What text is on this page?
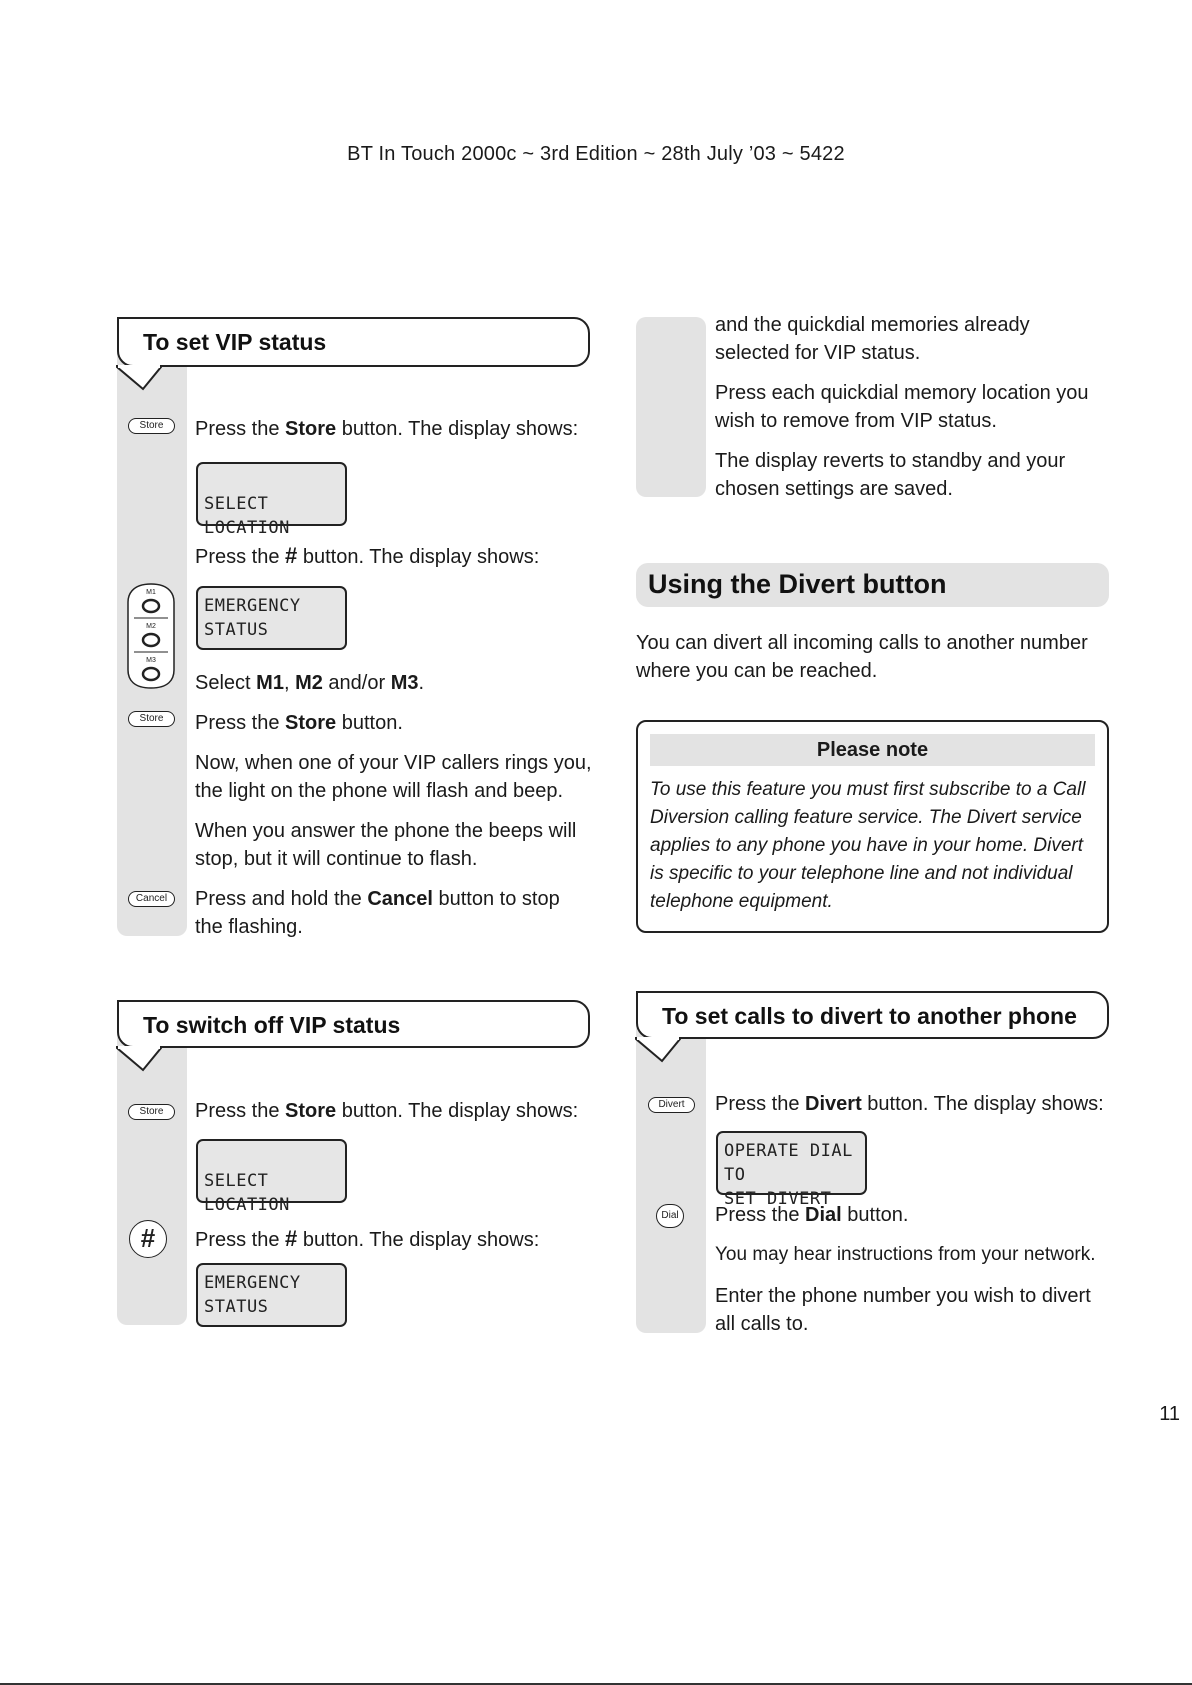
BT In Touch 2000c ~ 3rd Edition ~ 28th July ’03 ~ 5422
To set VIP status
Store	Press the Store button. The display shows:
SELECT LOCATION
Press the # button. The display shows:
EMERGENCY
STATUS
M1
M2
M3
Select M1, M2 and/or M3.
Store	Press the Store button.
Now, when one of your VIP callers rings you, the light on the phone will flash and beep.
When you answer the phone the beeps will stop, but it will continue to flash.
Cancel	Press and hold the Cancel button to stop the flashing.
To switch off VIP status
Store	Press the Store button. The display shows:
SELECT LOCATION
#	Press the # button. The display shows:
EMERGENCY
STATUS
and the quickdial memories already selected for VIP status.
Press each quickdial memory location you wish to remove from VIP status.
The display reverts to standby and your chosen settings are saved.
Using the Divert button
You can divert all incoming calls to another number where you can be reached.
Please note
To use this feature you must first subscribe to a Call Diversion calling feature service. The Divert service applies to any phone you have in your home. Divert is specific to your telephone line and not individual telephone equipment.
To set calls to divert to another phone
Divert	Press the Divert button. The display shows:
OPERATE DIAL TO
SET DIVERT
Dial Press the Dial button.
You may hear instructions from your network.
Enter the phone number you wish to divert all calls to.
11
